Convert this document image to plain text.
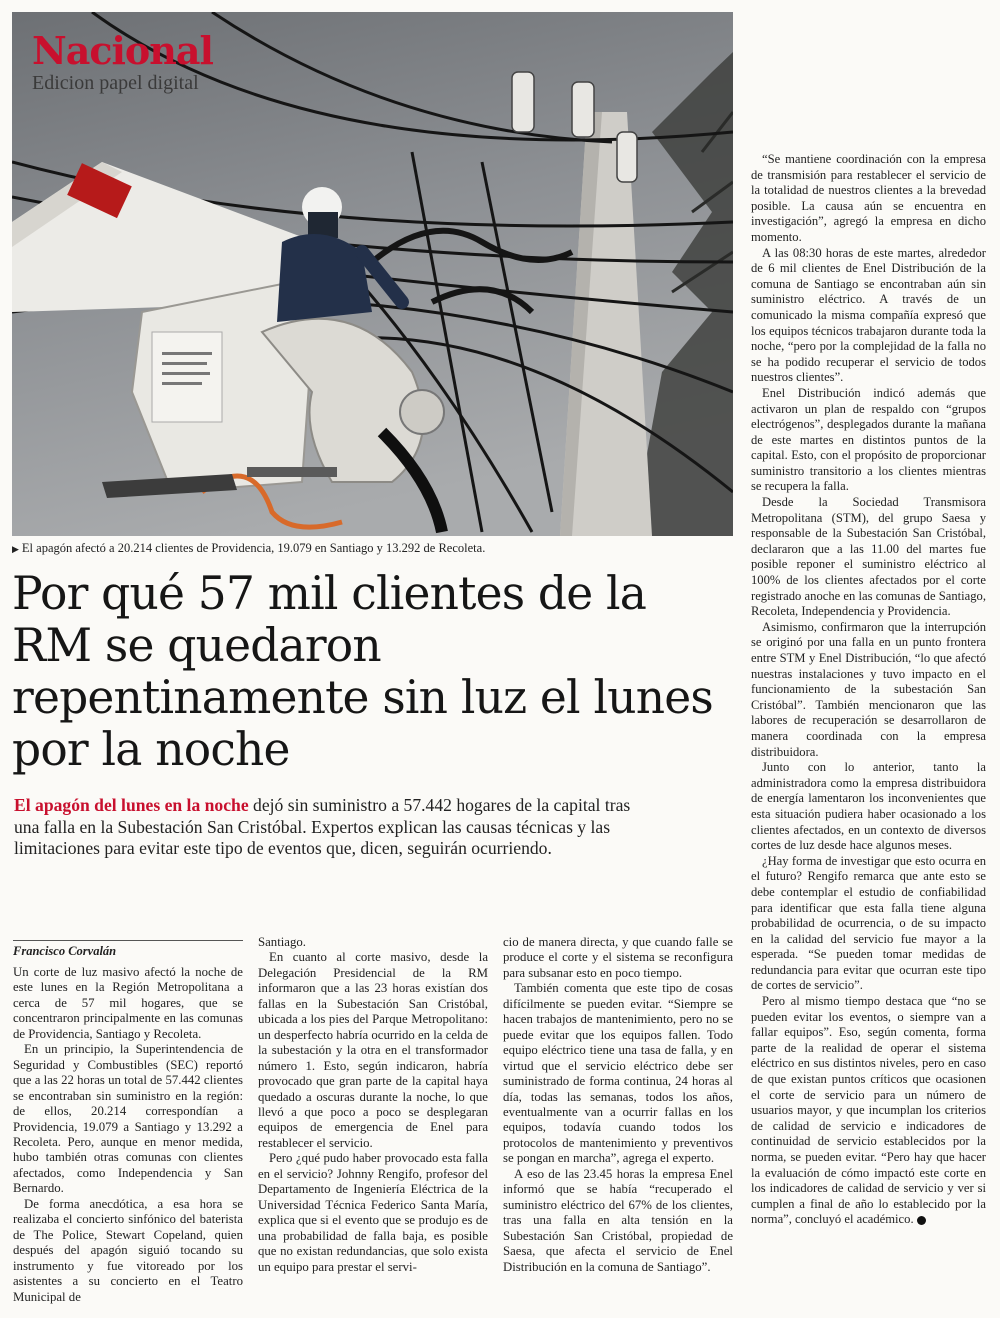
Nacional
Edicion papel digital
▶ El apagón afectó a 20.214 clientes de Providencia, 19.079 en Santiago y 13.292 de Recoleta.
Por qué 57 mil clientes de la RM se quedaron repentinamente sin luz el lunes por la noche

El apagón del lunes en la noche dejó sin suministro a 57.442 hogares de la capital tras una falla en la Subestación San Cristóbal. Expertos explican las causas técnicas y las limitaciones para evitar este tipo de eventos que, dicen, seguirán ocurriendo.

Francisco Corvalán

Un corte de luz masivo afectó la noche de este lunes en la Región Metropolitana a cerca de 57 mil hogares, que se concentraron principalmente en las comunas de Providencia, Santiago y Recoleta.

En un principio, la Superintendencia de Seguridad y Combustibles (SEC) reportó que a las 22 horas un total de 57.442 clientes se encontraban sin suministro en la región: de ellos, 20.214 correspondían a Providencia, 19.079 a Santiago y 13.292 a Recoleta. Pero, aunque en menor medida, hubo también otras comunas con clientes afectados, como Independencia y San Bernardo.

De forma anecdótica, a esa hora se realizaba el concierto sinfónico del baterista de The Police, Stewart Copeland, quien después del apagón siguió tocando su instrumento y fue vitoreado por los asistentes a su concierto en el Teatro Municipal de

Santiago.

En cuanto al corte masivo, desde la Delegación Presidencial de la RM informaron que a las 23 horas existían dos fallas en la Subestación San Cristóbal, ubicada a los pies del Parque Metropolitano: un desperfecto habría ocurrido en la celda de la subestación y la otra en el transformador número 1. Esto, según indicaron, habría provocado que gran parte de la capital haya quedado a oscuras durante la noche, lo que llevó a que poco a poco se desplegaran equipos de emergencia de Enel para restablecer el servicio.

Pero ¿qué pudo haber provocado esta falla en el servicio? Johnny Rengifo, profesor del Departamento de Ingeniería Eléctrica de la Universidad Técnica Federico Santa María, explica que si el evento que se produjo es de una probabilidad de falla baja, es posible que no existan redundancias, que solo exista un equipo para prestar el servi-

cio de manera directa, y que cuando falle se produce el corte y el sistema se reconfigura para subsanar esto en poco tiempo.

También comenta que este tipo de cosas difícilmente se pueden evitar. “Siempre se hacen trabajos de mantenimiento, pero no se puede evitar que los equipos fallen. Todo equipo eléctrico tiene una tasa de falla, y en virtud que el servicio eléctrico debe ser suministrado de forma continua, 24 horas al día, todas las semanas, todos los años, eventualmente van a ocurrir fallas en los equipos, todavía cuando todos los protocolos de mantenimiento y preventivos se pongan en marcha”, agrega el experto.

A eso de las 23.45 horas la empresa Enel informó que se había “recuperado el suministro eléctrico del 67% de los clientes, tras una falla en alta tensión en la Subestación San Cristóbal, propiedad de Saesa, que afecta el servicio de Enel Distribución en la comuna de Santiago”.

“Se mantiene coordinación con la empresa de transmisión para restablecer el servicio de la totalidad de nuestros clientes a la brevedad posible. La causa aún se encuentra en investigación”, agregó la empresa en dicho momento.

A las 08:30 horas de este martes, alrededor de 6 mil clientes de Enel Distribución de la comuna de Santiago se encontraban aún sin suministro eléctrico. A través de un comunicado la misma compañía expresó que los equipos técnicos trabajaron durante toda la noche, “pero por la complejidad de la falla no se ha podido recuperar el servicio de todos nuestros clientes”.

Enel Distribución indicó además que activaron un plan de respaldo con “grupos electrógenos”, desplegados durante la mañana de este martes en distintos puntos de la capital. Esto, con el propósito de proporcionar suministro transitorio a los clientes mientras se recupera la falla.

Desde la Sociedad Transmisora Metropolitana (STM), del grupo Saesa y responsable de la Subestación San Cristóbal, declararon que a las 11.00 del martes fue posible reponer el suministro eléctrico al 100% de los clientes afectados por el corte registrado anoche en las comunas de Santiago, Recoleta, Independencia y Providencia.

Asimismo, confirmaron que la interrupción se originó por una falla en un punto frontera entre STM y Enel Distribución, “lo que afectó nuestras instalaciones y tuvo impacto en el funcionamiento de la subestación San Cristóbal”. También mencionaron que las labores de recuperación se desarrollaron de manera coordinada con la empresa distribuidora.

Junto con lo anterior, tanto la administradora como la empresa distribuidora de energía lamentaron los inconvenientes que esta situación pudiera haber ocasionado a los clientes afectados, en un contexto de diversos cortes de luz desde hace algunos meses.

¿Hay forma de investigar que esto ocurra en el futuro? Rengifo remarca que ante esto se debe contemplar el estudio de confiabilidad para identificar que esta falla tiene alguna probabilidad de ocurrencia, o de su impacto en la calidad del servicio fue mayor a la esperada. “Se pueden tomar medidas de redundancia para evitar que ocurran este tipo de cortes de servicio”.

Pero al mismo tiempo destaca que “no se pueden evitar los eventos, o siempre van a fallar equipos”. Eso, según comenta, forma parte de la realidad de operar el sistema eléctrico en sus distintos niveles, pero en caso de que existan puntos críticos que ocasionen el corte de servicio para un número de usuarios mayor, y que incumplan los criterios de calidad de servicio e indicadores de continuidad de servicio establecidos por la norma, se pueden evitar. “Pero hay que hacer la evaluación de cómo impactó este corte en los indicadores de calidad de servicio y ver si cumplen a final de año lo establecido por la norma”, concluyó el académico.
